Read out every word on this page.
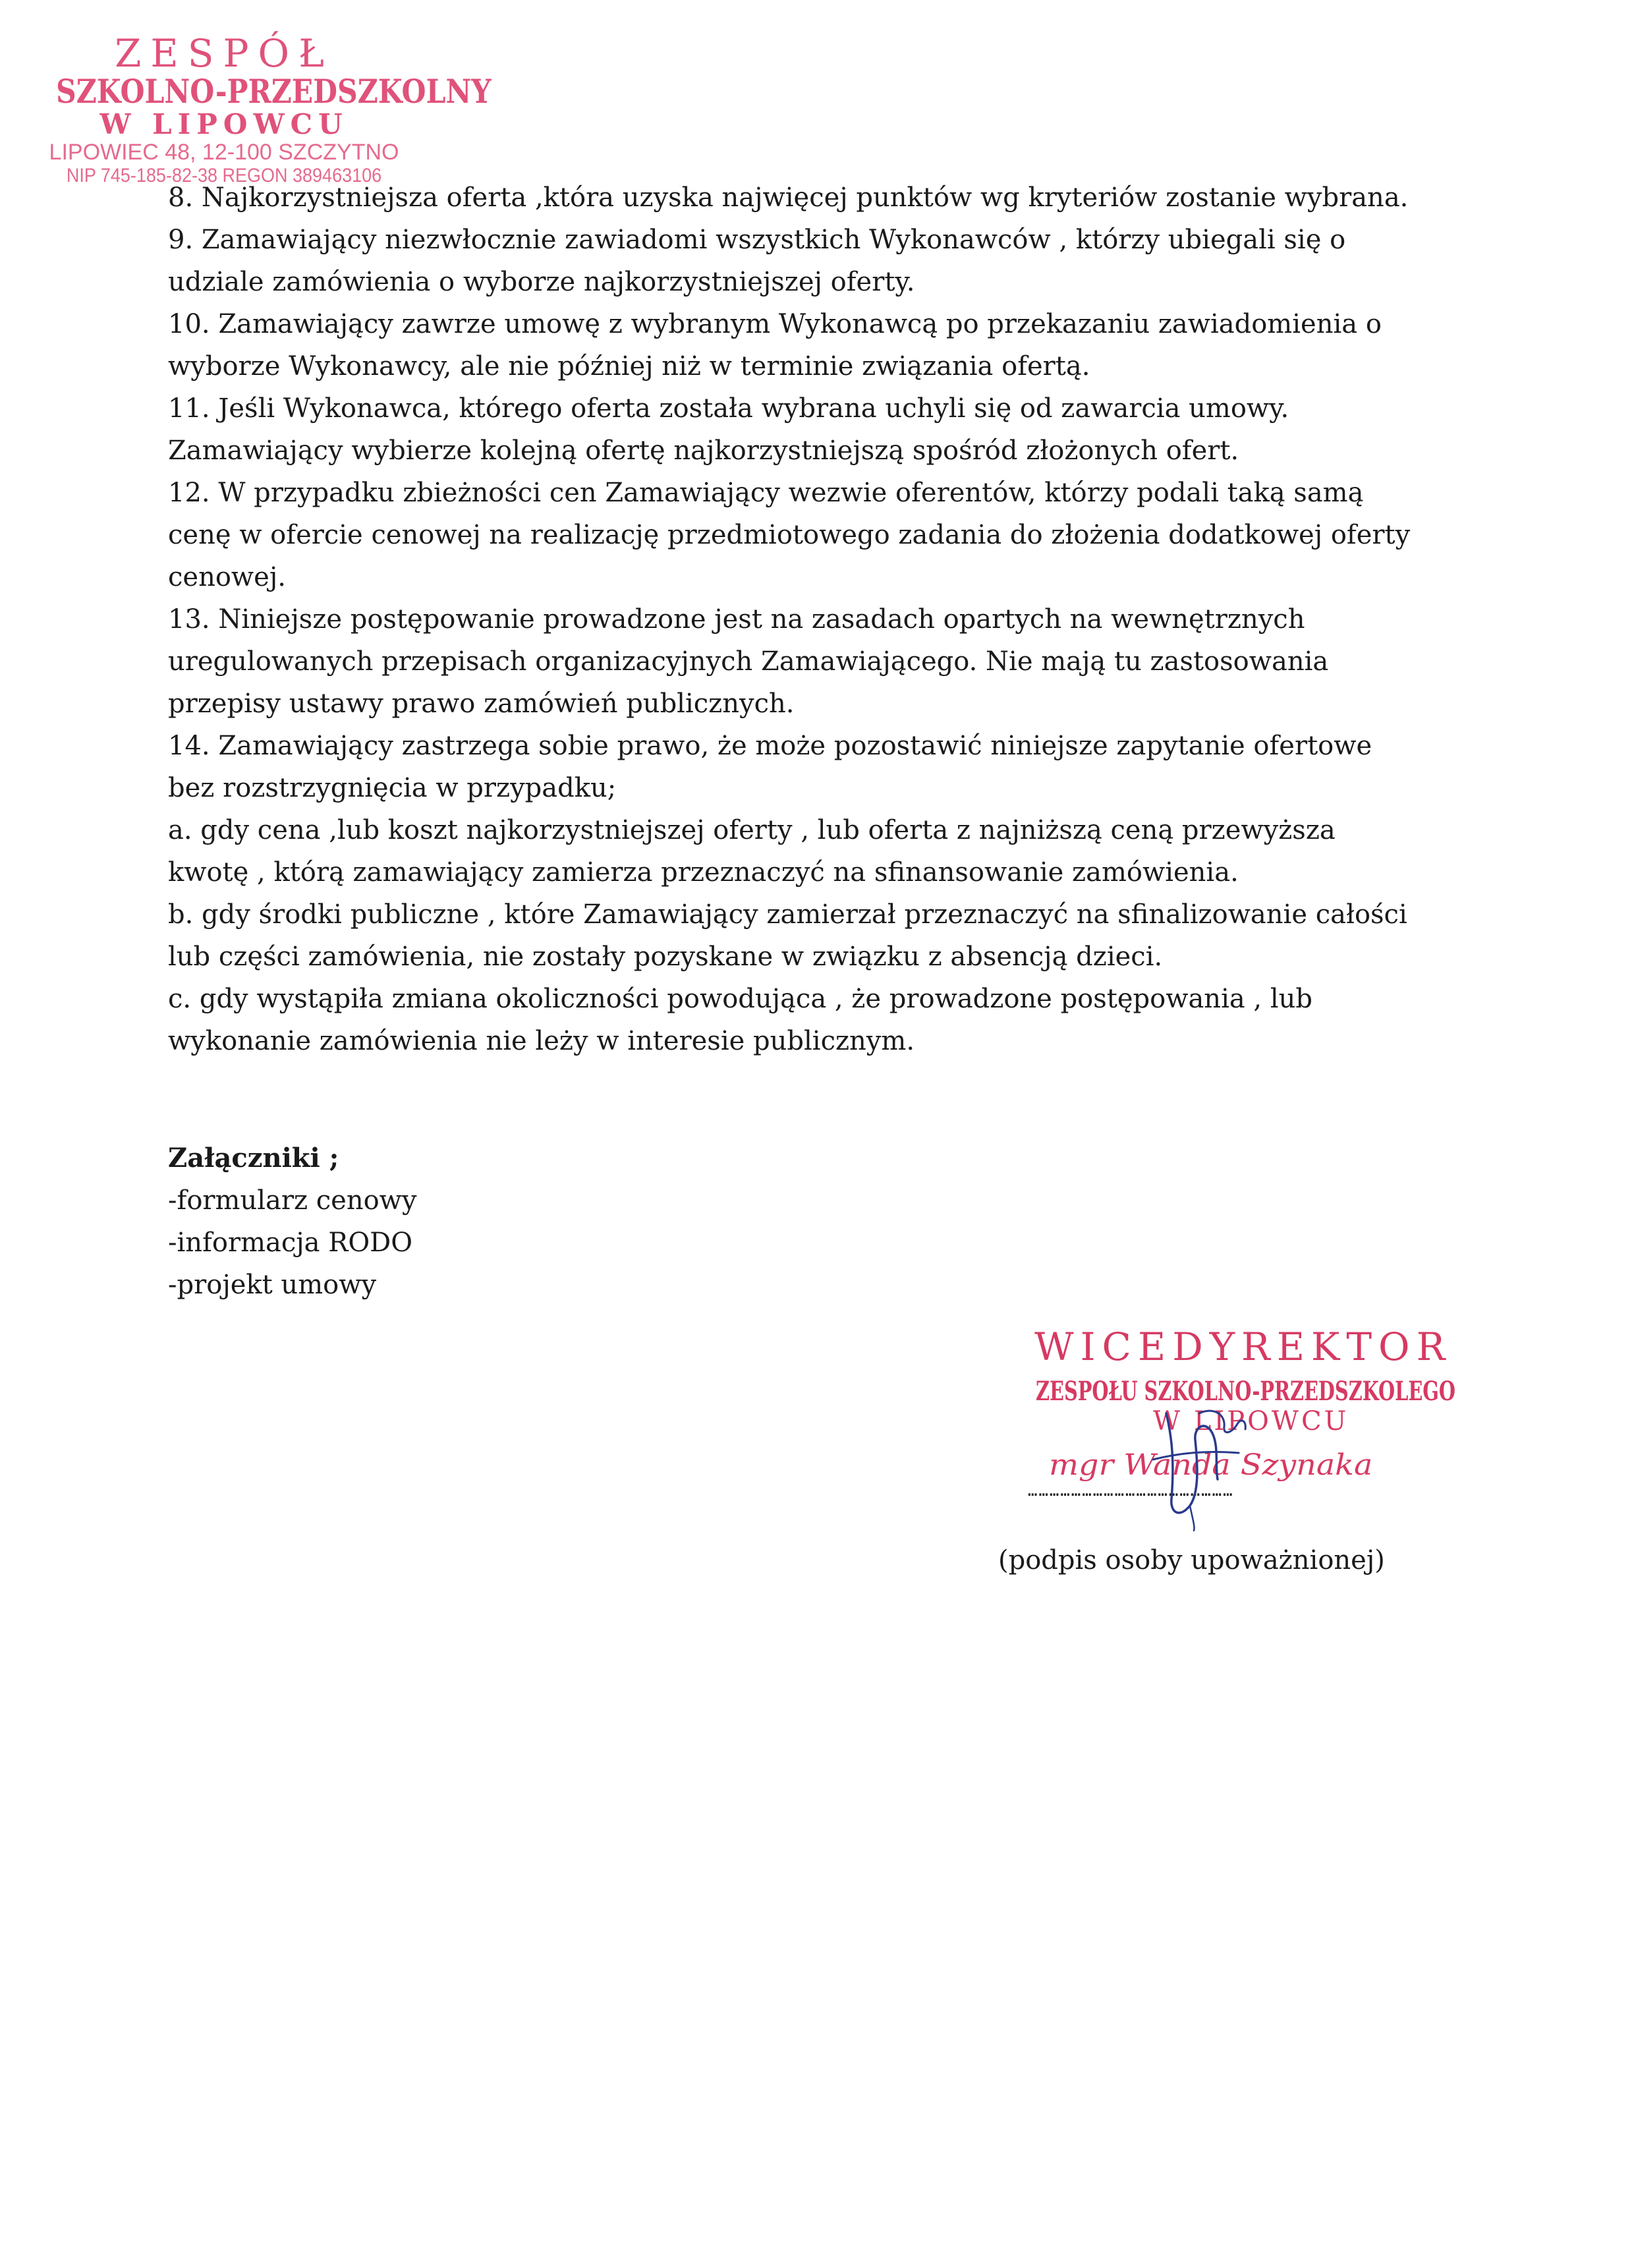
ZESPÓŁ
SZKOLNO-PRZEDSZKOLNY
W LIPOWCU
LIPOWIEC 48, 12-100 SZCZYTNO
NIP 745-185-82-38 REGON 389463106

8. Najkorzystniejsza oferta ,która uzyska najwięcej punktów wg kryteriów zostanie wybrana.

9. Zamawiający niezwłocznie zawiadomi wszystkich Wykonawców , którzy ubiegali się o udziale zamówienia o wyborze najkorzystniejszej oferty.

10. Zamawiający zawrze umowę z wybranym Wykonawcą po przekazaniu zawiadomienia o wyborze Wykonawcy, ale nie później niż w terminie związania ofertą.

11. Jeśli Wykonawca, którego oferta została wybrana uchyli się od zawarcia umowy. Zamawiający wybierze kolejną ofertę najkorzystniejszą spośród złożonych ofert.

12. W przypadku zbieżności cen Zamawiający wezwie oferentów, którzy podali taką samą cenę w ofercie cenowej na realizację przedmiotowego zadania do złożenia dodatkowej oferty cenowej.

13. Niniejsze postępowanie prowadzone jest na zasadach opartych na wewnętrznych uregulowanych przepisach organizacyjnych Zamawiającego. Nie mają tu zastosowania przepisy ustawy prawo zamówień publicznych.

14. Zamawiający zastrzega sobie prawo, że może pozostawić niniejsze zapytanie ofertowe bez rozstrzygnięcia w przypadku;

a. gdy cena ,lub koszt najkorzystniejszej oferty , lub oferta z najniższą ceną przewyższa kwotę , którą zamawiający zamierza przeznaczyć na sfinansowanie zamówienia.

b. gdy środki publiczne , które Zamawiający zamierzał przeznaczyć na sfinalizowanie całości lub części zamówienia, nie zostały pozyskane w związku z absencją dzieci.

c. gdy wystąpiła zmiana okoliczności powodująca , że prowadzone postępowania , lub wykonanie zamówienia nie leży w interesie publicznym.

Załączniki ;
-formularz cenowy
-informacja RODO
-projekt umowy
WICEDYREKTOR
ZESPOŁU SZKOLNO-PRZEDSZKOLEGO
W LIPOWCU
mgr Wanda Szynaka
…………………………………………………
(podpis osoby upoważnionej)
